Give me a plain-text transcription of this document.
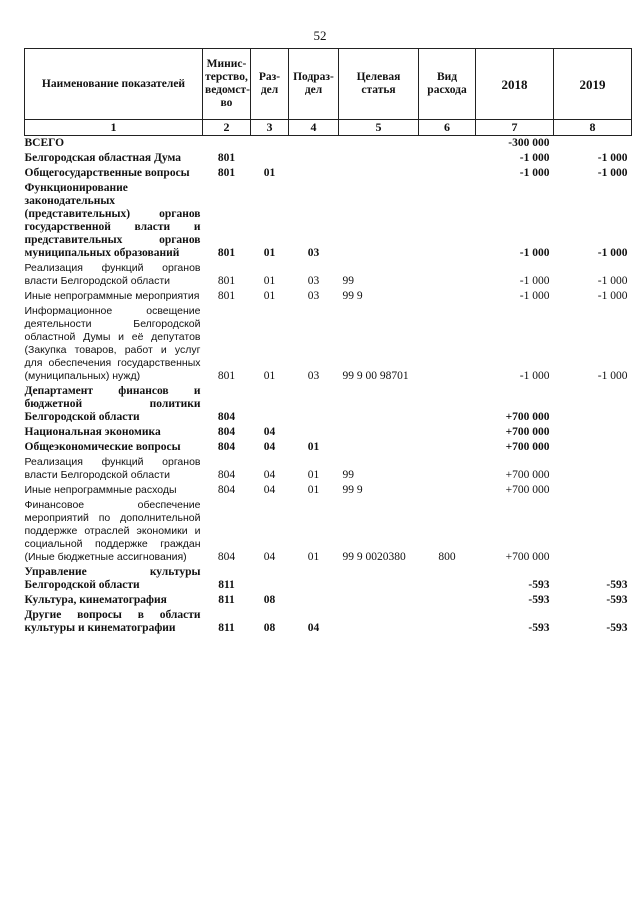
52
Наименование показателей	Минис-терство, ведомст-во	Раз-дел	Подраз-дел	Целевая статья	Вид расхода	2018	2019
1	2	3	4	5	6	7	8
ВСЕГО						-300 000	
Белгородская областная Дума	801					-1 000	-1 000
Общегосударственные вопросы	801	01				-1 000	-1 000
Функционирование законодательных (представительных) органов государственной власти и представительных органов муниципальных образований	801	01	03			-1 000	-1 000
Реализация функций органов власти Белгородской области	801	01	03	99		-1 000	-1 000
Иные непрограммные мероприятия	801	01	03	99 9		-1 000	-1 000
Информационное освещение деятельности Белгородской областной Думы и её депутатов (Закупка товаров, работ и услуг для обеспечения государственных (муниципальных) нужд)	801	01	03	99 9 00 98701		-1 000	-1 000
Департамент финансов и бюджетной политики Белгородской области	804					+700 000	
Национальная экономика	804	04				+700 000	
Общеэкономические вопросы	804	04	01			+700 000	
Реализация функций органов власти Белгородской области	804	04	01	99		+700 000	
Иные непрограммные расходы	804	04	01	99 9		+700 000	
Финансовое обеспечение мероприятий по дополнительной поддержке отраслей экономики и социальной поддержке граждан (Иные бюджетные ассигнования)	804	04	01	99 9 0020380	800	+700 000	
Управление культуры Белгородской области	811					-593	-593
Культура, кинематография	811	08				-593	-593
Другие вопросы в области культуры и кинематографии	811	08	04			-593	-593
